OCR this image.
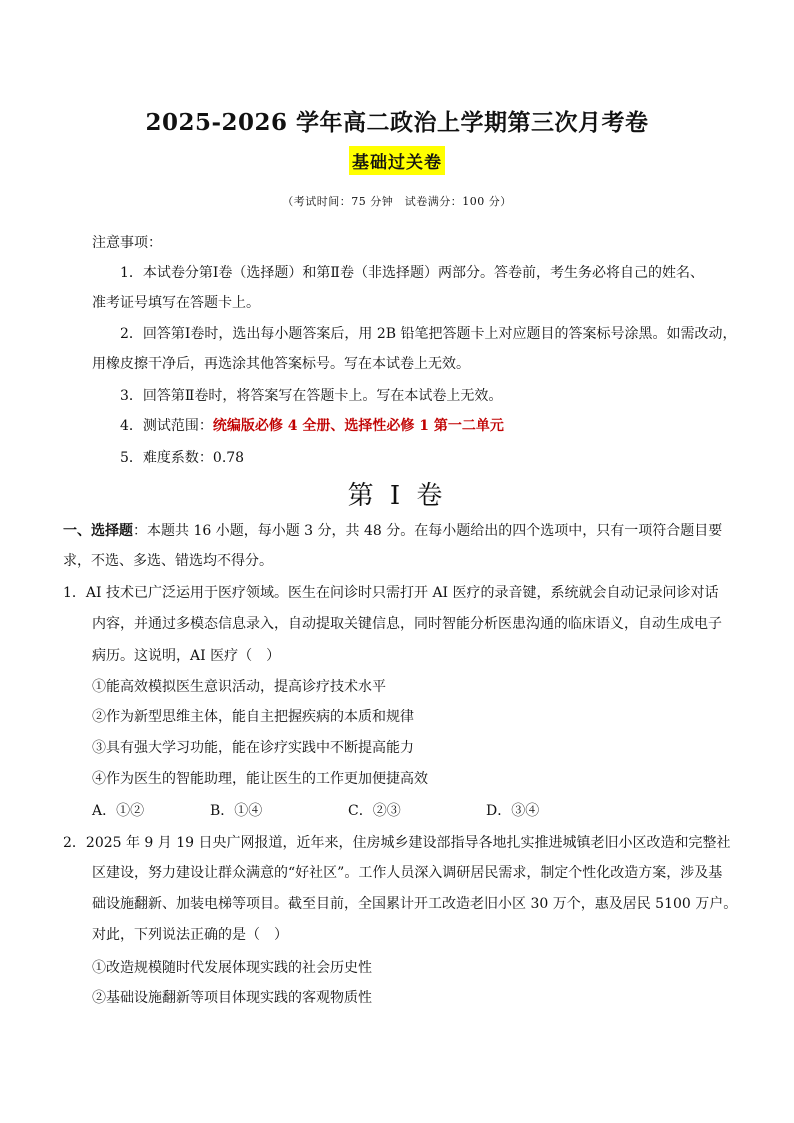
2025-2026 学年高二政治上学期第三次月考卷
基础过关卷
（考试时间：75 分钟　试卷满分：100 分）
注意事项：
1．本试卷分第Ⅰ卷（选择题）和第Ⅱ卷（非选择题）两部分。答卷前，考生务必将自己的姓名、
准考证号填写在答题卡上。
2．回答第Ⅰ卷时，选出每小题答案后，用 2B 铅笔把答题卡上对应题目的答案标号涂黑。如需改动，
用橡皮擦干净后，再选涂其他答案标号。写在本试卷上无效。
3．回答第Ⅱ卷时，将答案写在答题卡上。写在本试卷上无效。
4．测试范围：统编版必修 4 全册、选择性必修 1 第一二单元
5．难度系数：0.78
第 I 卷
一、选择题：本题共 16 小题，每小题 3 分，共 48 分。在每小题给出的四个选项中，只有一项符合题目要
求，不选、多选、错选均不得分。
1．AI 技术已广泛运用于医疗领域。医生在问诊时只需打开 AI 医疗的录音键，系统就会自动记录问诊对话
内容，并通过多模态信息录入，自动提取关键信息，同时智能分析医患沟通的临床语义，自动生成电子
病历。这说明，AI 医疗（　）
①能高效模拟医生意识活动，提高诊疗技术水平
②作为新型思维主体，能自主把握疾病的本质和规律
③具有强大学习功能，能在诊疗实践中不断提高能力
④作为医生的智能助理，能让医生的工作更加便捷高效
A．①②	B．①④	C．②③	D．③④
2．2025 年 9 月 19 日央广网报道，近年来，住房城乡建设部指导各地扎实推进城镇老旧小区改造和完整社
区建设，努力建设让群众满意的“好社区”。工作人员深入调研居民需求，制定个性化改造方案，涉及基
础设施翻新、加装电梯等项目。截至目前，全国累计开工改造老旧小区 30 万个，惠及居民 5100 万户。
对此，下列说法正确的是（　）
①改造规模随时代发展体现实践的社会历史性
②基础设施翻新等项目体现实践的客观物质性
